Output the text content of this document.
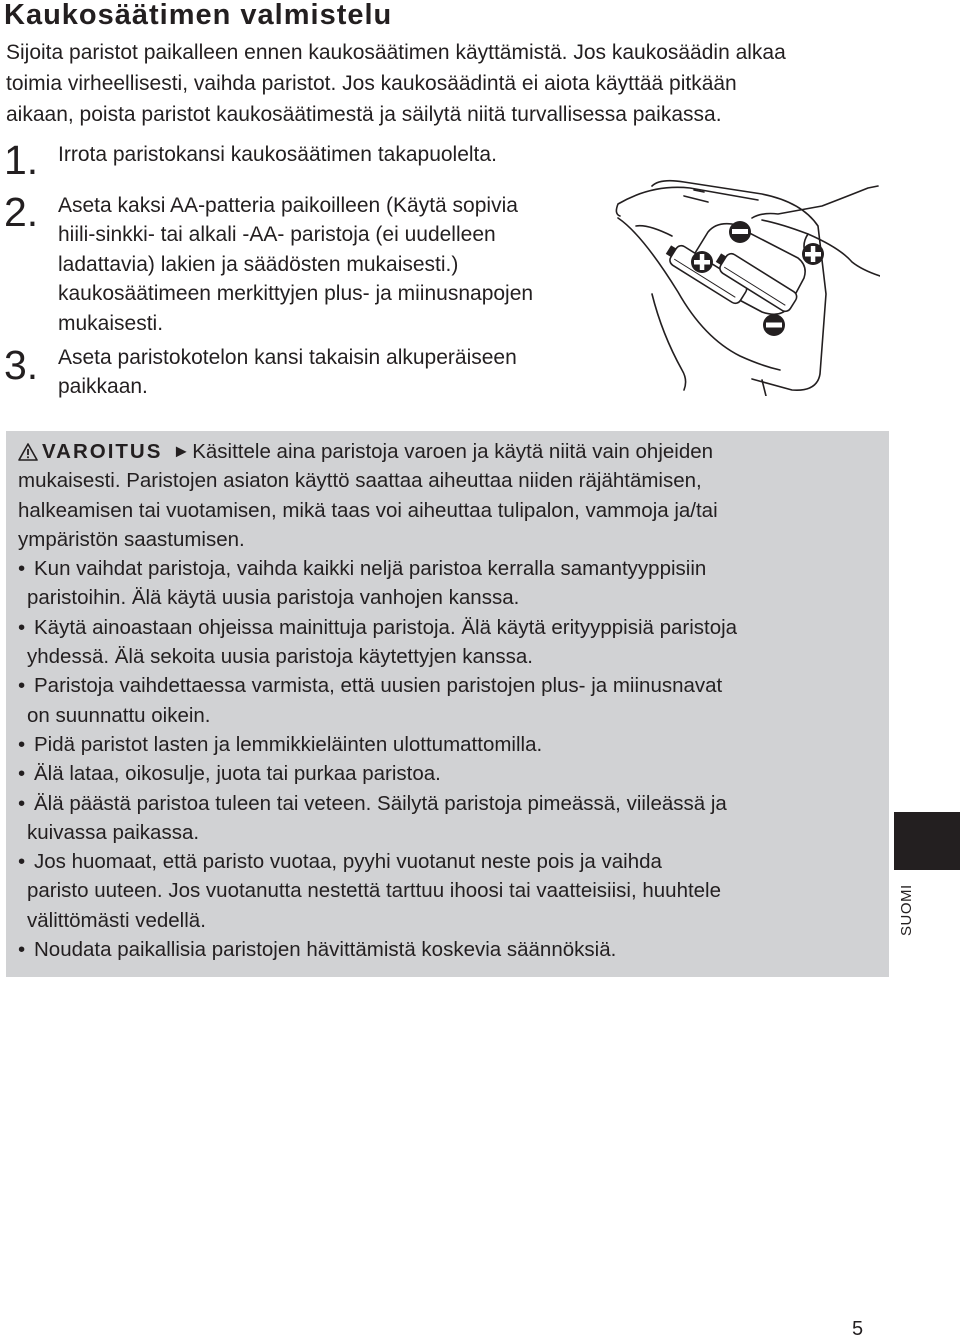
Kaukosäätimen valmistelu

Sijoita paristot paikalleen ennen kaukosäätimen käyttämistä. Jos kaukosäädin alkaa
toimia virheellisesti, vaihda paristot. Jos kaukosäädintä ei aiota käyttää pitkään
aikaan, poista paristot kaukosäätimestä ja säilytä niitä turvallisessa paikassa.

1. Irrota paristokansi kaukosäätimen takapuolelta.
2. Aseta kaksi AA-patteria paikoilleen (Käytä sopivia
hiili-sinkki- tai alkali -AA- paristoja (ei uudelleen
ladattavia) lakien ja säädösten mukaisesti.)
kaukosäätimeen merkittyjen plus- ja miinusnapojen
mukaisesti.
3. Aseta paristokotelon kansi takaisin alkuperäiseen
paikkaan.
VAROITUS ► Käsittele aina paristoja varoen ja käytä niitä vain ohjeiden
mukaisesti. Paristojen asiaton käyttö saattaa aiheuttaa niiden räjähtämisen,
halkeamisen tai vuotamisen, mikä taas voi aiheuttaa tulipalon, vammoja ja/tai
ympäristön saastumisen.
• Kun vaihdat paristoja, vaihda kaikki neljä paristoa kerralla samantyyppisiin
paristoihin. Älä käytä uusia paristoja vanhojen kanssa.
• Käytä ainoastaan ohjeissa mainittuja paristoja. Älä käytä erityyppisiä paristoja
yhdessä. Älä sekoita uusia paristoja käytettyjen kanssa.
• Paristoja vaihdettaessa varmista, että uusien paristojen plus- ja miinusnavat
on suunnattu oikein.
• Pidä paristot lasten ja lemmikkieläinten ulottumattomilla.
• Älä lataa, oikosulje, juota tai purkaa paristoa.
• Älä päästä paristoa tuleen tai veteen. Säilytä paristoja pimeässä, viileässä ja
kuivassa paikassa.
• Jos huomaat, että paristo vuotaa, pyyhi vuotanut neste pois ja vaihda
paristo uuteen. Jos vuotanutta nestettä tarttuu ihoosi tai vaatteisiisi, huuhtele
välittömästi vedellä.
• Noudata paikallisia paristojen hävittämistä koskevia säännöksiä.
SUOMI
5
